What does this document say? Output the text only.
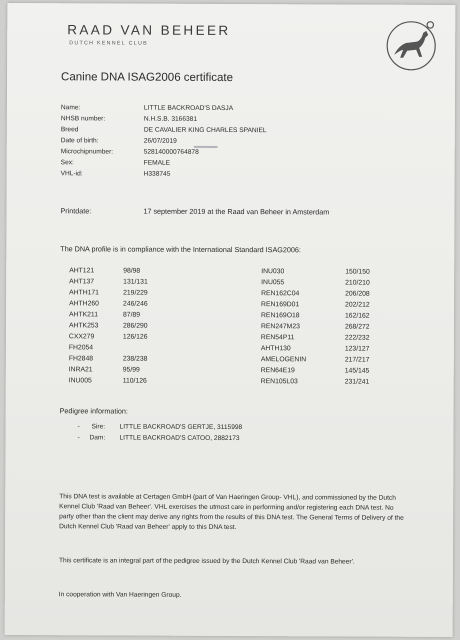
RAAD VAN BEHEER
DUTCH KENNEL CLUB
Canine DNA ISAG2006 certificate
Name:	LITTLE BACKROAD'S DASJA
NHSB number:	N.H.S.B. 3166381
Breed	DE CAVALIER KING CHARLES SPANIEL
Date of birth:	26/07/2019
Microchipnumber:	528140000764878
Sex:	FEMALE
VHL-id:	H338745
Printdate:	17 september 2019 at the Raad van Beheer in Amsterdam
The DNA profile is in compliance with the International Standard ISAG2006:
AHT121	98/98
AHT137	131/131
AHTH171	219/229
AHTH260	246/246
AHTK211	87/89
AHTK253	286/290
CXX279	126/126
FH2054
FH2848	238/238
INRA21	95/99
INU005	110/126
INU030	150/150
INU055	210/210
REN162C04	206/208
REN169D01	202/212
REN169O18	162/162
REN247M23	268/272
REN54P11	222/232
AHTH130	123/127
AMELOGENIN	217/217
REN64E19	145/145
REN105L03	231/241
Pedigree information:
- Sire: LITTLE BACKROAD'S GERTJE, 3115998
- Dam: LITTLE BACKROAD'S CATOO, 2882173
This DNA test is available at Certagen GmbH (part of Van Haeringen Group- VHL), and commissioned by the Dutch Kennel Club 'Raad van Beheer'. VHL exercises the utmost care in performing and/or registering each DNA test. No party other than the client may derive any rights from the results of this DNA test. The General Terms of Delivery of the Dutch Kennel Club 'Raad van Beheer' apply to this DNA test.
This certificate is an integral part of the pedigree issued by the Dutch Kennel Club 'Raad van Beheer'.
In cooperation with Van Haeringen Group.
